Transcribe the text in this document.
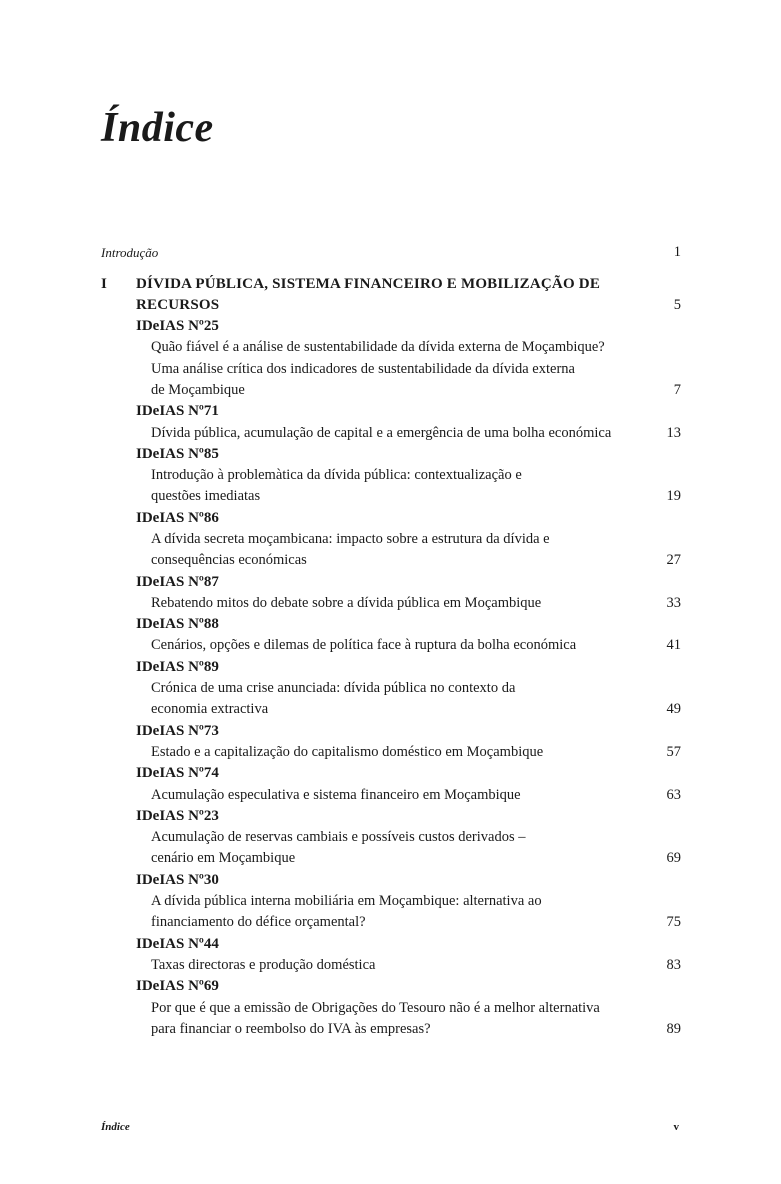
Índice
Introdução	1
I DÍVIDA PÚBLICA, SISTEMA FINANCEIRO E MOBILIZAÇÃO DE
RECURSOS	5
IDeIAS Nº25
Quão fiável é a análise de sustentabilidade da dívida externa de Moçambique?
Uma análise crítica dos indicadores de sustentabilidade da dívida externa
de Moçambique	7
IDeIAS Nº71
Dívida pública, acumulação de capital e a emergência de uma bolha económica	13
IDeIAS Nº85
Introdução à problemàtica da dívida pública: contextualização e
questões imediatas	19
IDeIAS Nº86
A dívida secreta moçambicana: impacto sobre a estrutura da dívida e
consequências económicas	27
IDeIAS Nº87
Rebatendo mitos do debate sobre a dívida pública em Moçambique	33
IDeIAS Nº88
Cenários, opções e dilemas de política face à ruptura da bolha económica	41
IDeIAS Nº89
Crónica de uma crise anunciada: dívida pública no contexto da
economia extractiva	49
IDeIAS Nº73
Estado e a capitalização do capitalismo doméstico em Moçambique	57
IDeIAS Nº74
Acumulação especulativa e sistema financeiro em Moçambique	63
IDeIAS Nº23
Acumulação de reservas cambiais e possíveis custos derivados –
cenário em Moçambique	69
IDeIAS Nº30
A dívida pública interna mobiliária em Moçambique: alternativa ao
financiamento do défice orçamental?	75
IDeIAS Nº44
Taxas directoras e produção doméstica	83
IDeIAS Nº69
Por que é que a emissão de Obrigações do Tesouro não é a melhor alternativa
para financiar o reembolso do IVA às empresas?	89
Índice	v
